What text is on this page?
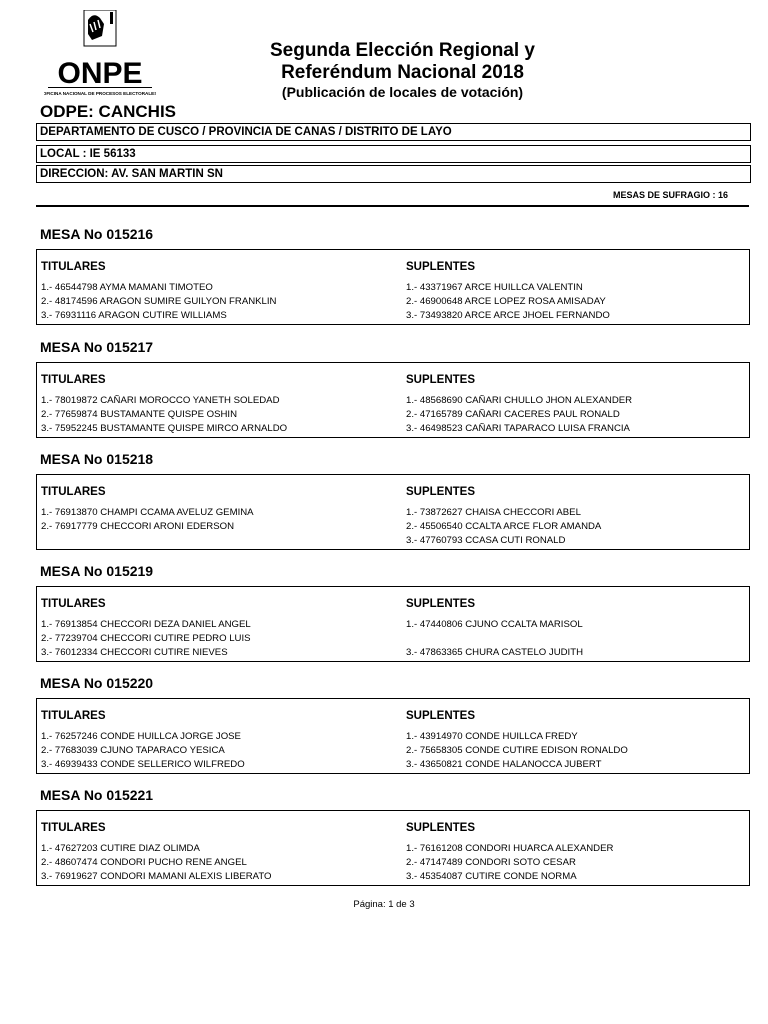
ONPE
OFICINA NACIONAL DE PROCESOS ELECTORALES
Segunda Elección Regional y
Referéndum Nacional 2018
(Publicación de locales de votación)
ODPE: CANCHIS
DEPARTAMENTO DE CUSCO / PROVINCIA DE CANAS / DISTRITO DE LAYO
LOCAL : IE 56133
DIRECCION: AV. SAN MARTIN SN
MESAS DE SUFRAGIO : 16
MESA No 015216
TITULARES
1.- 46544798 AYMA MAMANI TIMOTEO
2.- 48174596 ARAGON SUMIRE GUILYON FRANKLIN
3.- 76931116 ARAGON CUTIRE WILLIAMS
SUPLENTES
1.- 43371967 ARCE HUILLCA VALENTIN
2.- 46900648 ARCE LOPEZ ROSA AMISADAY
3.- 73493820 ARCE ARCE JHOEL FERNANDO
MESA No 015217
TITULARES
1.- 78019872 CAÑARI MOROCCO YANETH SOLEDAD
2.- 77659874 BUSTAMANTE QUISPE OSHIN
3.- 75952245 BUSTAMANTE QUISPE MIRCO ARNALDO
SUPLENTES
1.- 48568690 CAÑARI CHULLO JHON ALEXANDER
2.- 47165789 CAÑARI CACERES PAUL RONALD
3.- 46498523 CAÑARI TAPARACO LUISA FRANCIA
MESA No 015218
TITULARES
1.- 76913870 CHAMPI CCAMA AVELUZ GEMINA
2.- 76917779 CHECCORI ARONI EDERSON
SUPLENTES
1.- 73872627 CHAISA CHECCORI ABEL
2.- 45506540 CCALTA ARCE FLOR AMANDA
3.- 47760793 CCASA CUTI RONALD
MESA No 015219
TITULARES
1.- 76913854 CHECCORI DEZA DANIEL ANGEL
2.- 77239704 CHECCORI CUTIRE PEDRO LUIS
3.- 76012334 CHECCORI CUTIRE NIEVES
SUPLENTES
1.- 47440806 CJUNO CCALTA MARISOL
3.- 47863365 CHURA CASTELO JUDITH
MESA No 015220
TITULARES
1.- 76257246 CONDE HUILLCA JORGE JOSE
2.- 77683039 CJUNO TAPARACO YESICA
3.- 46939433 CONDE SELLERICO WILFREDO
SUPLENTES
1.- 43914970 CONDE HUILLCA FREDY
2.- 75658305 CONDE CUTIRE EDISON RONALDO
3.- 43650821 CONDE HALANOCCA JUBERT
MESA No 015221
TITULARES
1.- 47627203 CUTIRE DIAZ OLIMDA
2.- 48607474 CONDORI PUCHO RENE ANGEL
3.- 76919627 CONDORI MAMANI ALEXIS LIBERATO
SUPLENTES
1.- 76161208 CONDORI HUARCA ALEXANDER
2.- 47147489 CONDORI SOTO CESAR
3.- 45354087 CUTIRE CONDE NORMA
Página: 1 de 3
